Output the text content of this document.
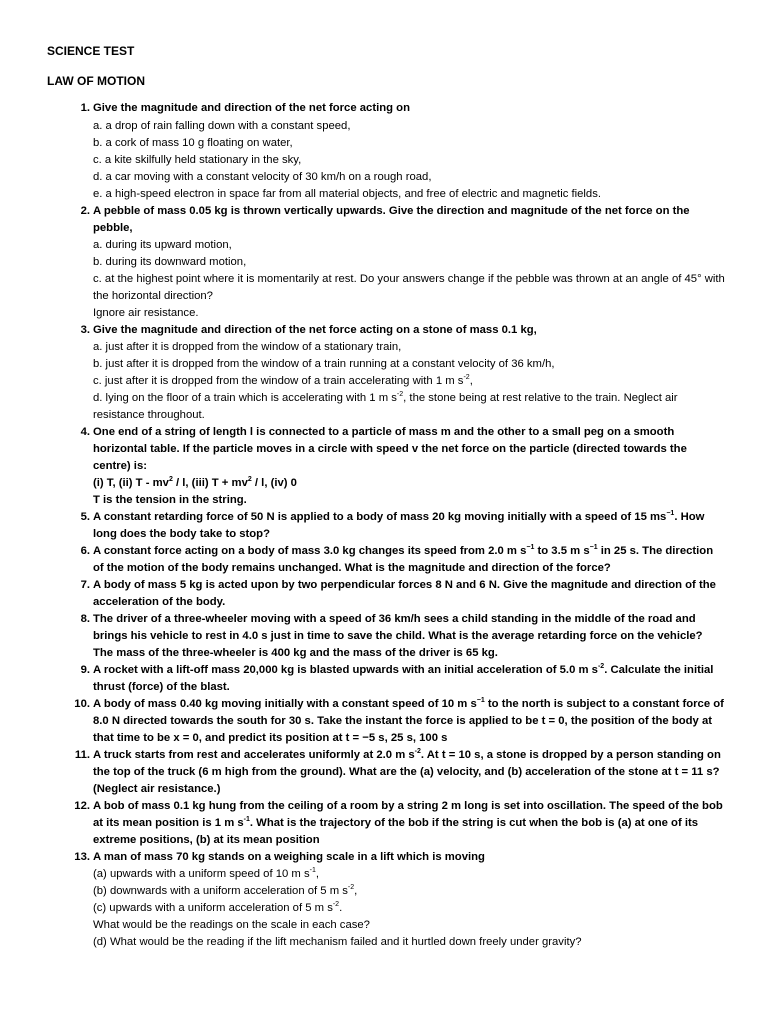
SCIENCE TEST
LAW OF MOTION
1. Give the magnitude and direction of the net force acting on
a. a drop of rain falling down with a constant speed,
b. a cork of mass 10 g floating on water,
c. a kite skilfully held stationary in the sky,
d. a car moving with a constant velocity of 30 km/h on a rough road,
e. a high-speed electron in space far from all material objects, and free of electric and magnetic fields.
2. A pebble of mass 0.05 kg is thrown vertically upwards. Give the direction and magnitude of the net force on the pebble,
a. during its upward motion,
b. during its downward motion,
c. at the highest point where it is momentarily at rest. Do your answers change if the pebble was thrown at an angle of 45° with the horizontal direction?
Ignore air resistance.
3. Give the magnitude and direction of the net force acting on a stone of mass 0.1 kg,
a. just after it is dropped from the window of a stationary train,
b. just after it is dropped from the window of a train running at a constant velocity of 36 km/h,
c. just after it is dropped from the window of a train accelerating with 1 m $s^{-2}$,
d. lying on the floor of a train which is accelerating with 1 m $s^{-2}$, the stone being at rest relative to the train. Neglect air resistance throughout.
4. One end of a string of length l is connected to a particle of mass m and the other to a small peg on a smooth horizontal table. If the particle moves in a circle with speed v the net force on the particle (directed towards the centre) is:
(i) T, (ii) T - $mv^2$ / l, (iii) $T + mv^2 / l$, (iv) 0
T is the tension in the string.
5. A constant retarding force of 50 N is applied to a body of mass 20 kg moving initially with a speed of 15 $ms^{-1}$. How long does the body take to stop?
6. A constant force acting on a body of mass 3.0 kg changes its speed from 2.0 m $s^{-1}$ to 3.5 m $s^{-1}$ in 25 s. The direction of the motion of the body remains unchanged. What is the magnitude and direction of the force?
7. A body of mass 5 kg is acted upon by two perpendicular forces 8 N and 6 N. Give the magnitude and direction of the acceleration of the body.
8. The driver of a three-wheeler moving with a speed of 36 km/h sees a child standing in the middle of the road and brings his vehicle to rest in 4.0 s just in time to save the child. What is the average retarding force on the vehicle? The mass of the three-wheeler is 400 kg and the mass of the driver is 65 kg.
9. A rocket with a lift-off mass 20,000 kg is blasted upwards with an initial acceleration of 5.0 m $s^{-2}$. Calculate the initial thrust (force) of the blast.
10. A body of mass 0.40 kg moving initially with a constant speed of 10 m $s^{-1}$ to the north is subject to a constant force of 8.0 N directed towards the south for 30 s. Take the instant the force is applied to be t = 0, the position of the body at that time to be x = 0, and predict its position at t = −5 s, 25 s, 100 s
11. A truck starts from rest and accelerates uniformly at 2.0 m $s^{-2}$. At t = 10 s, a stone is dropped by a person standing on the top of the truck (6 m high from the ground). What are the (a) velocity, and (b) acceleration of the stone at t = 11 s? (Neglect air resistance.)
12. A bob of mass 0.1 kg hung from the ceiling of a room by a string 2 m long is set into oscillation. The speed of the bob at its mean position is 1 m $s^{-1}$. What is the trajectory of the bob if the string is cut when the bob is (a) at one of its extreme positions, (b) at its mean position
13. A man of mass 70 kg stands on a weighing scale in a lift which is moving
(a) upwards with a uniform speed of 10 m $s^{-1}$,
(b) downwards with a uniform acceleration of 5 m $s^{-2}$,
(c) upwards with a uniform acceleration of 5 m $s^{-2}$.
What would be the readings on the scale in each case?
(d) What would be the reading if the lift mechanism failed and it hurtled down freely under gravity?
